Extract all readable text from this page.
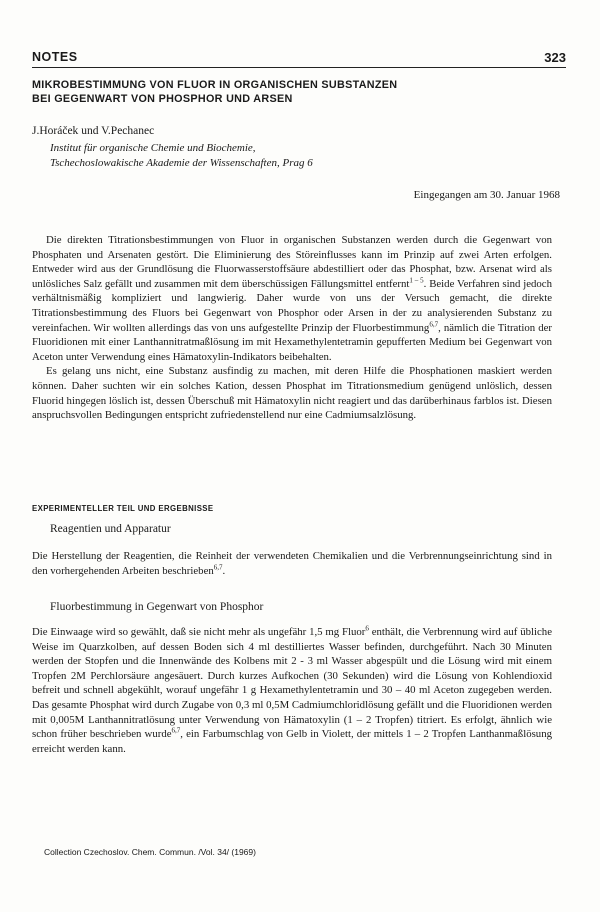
NOTES	323
MIKROBESTIMMUNG VON FLUOR IN ORGANISCHEN SUBSTANZEN
BEI GEGENWART VON PHOSPHOR UND ARSEN
J.Horáček und V.Pechanec
Institut für organische Chemie und Biochemie,
Tschechoslowakische Akademie der Wissenschaften, Prag 6
Eingegangen am 30. Januar 1968

Die direkten Titrationsbestimmungen von Fluor in organischen Substanzen werden durch die Gegenwart von Phosphaten und Arsenaten gestört. Die Eliminierung des Störeinflusses kann im Prinzip auf zwei Arten erfolgen. Entweder wird aus der Grundlösung die Fluorwasserstoffsäure abdestilliert oder das Phosphat, bzw. Arsenat wird als unlösliches Salz gefällt und zusammen mit dem überschüssigen Fällungsmittel entfernt$^{1 - 5}$. Beide Verfahren sind jedoch verhältnismäßig kompliziert und langwierig. Daher wurde von uns der Versuch gemacht, die direkte Titrationsbestimmung des Fluors bei Gegenwart von Phosphor oder Arsen in der zu analysierenden Substanz zu vereinfachen. Wir wollten allerdings das von uns aufgestellte Prinzip der Fluorbestimmung$^{6,7}$, nämlich die Titration der Fluoridionen mit einer Lanthannitratmaßlösung im mit Hexamethylentetramin gepufferten Medium bei Gegenwart von Aceton unter Verwendung eines Hämatoxylin-Indikators beibehalten.

Es gelang uns nicht, eine Substanz ausfindig zu machen, mit deren Hilfe die Phosphationen maskiert werden können. Daher suchten wir ein solches Kation, dessen Phosphat im Titrationsmedium genügend unlöslich, dessen Fluorid hingegen löslich ist, dessen Überschuß mit Hämatoxylin nicht reagiert und das darüberhinaus farblos ist. Diesen anspruchsvollen Bedingungen entspricht zufriedenstellend nur eine Cadmiumsalzlösung.

EXPERIMENTELLER TEIL UND ERGEBNISSE
Reagentien und Apparatur

Die Herstellung der Reagentien, die Reinheit der verwendeten Chemikalien und die Verbrennungseinrichtung sind in den vorhergehenden Arbeiten beschrieben$^{6,7}$.

Fluorbestimmung in Gegenwart von Phosphor

Die Einwaage wird so gewählt, daß sie nicht mehr als ungefähr 1,5 mg Fluor$^6$ enthält, die Verbrennung wird auf übliche Weise im Quarzkolben, auf dessen Boden sich 4 ml destilliertes Wasser befinden, durchgeführt. Nach 30 Minuten werden der Stopfen und die Innenwände des Kolbens mit 2 - 3 ml Wasser abgespült und die Lösung wird mit einem Tropfen 2M Perchlorsäure angesäuert. Durch kurzes Aufkochen (30 Sekunden) wird die Lösung von Kohlendioxid befreit und schnell abgekühlt, worauf ungefähr 1 g Hexamethylentetramin und 30 – 40 ml Aceton zugegeben werden. Das gesamte Phosphat wird durch Zugabe von 0,3 ml 0,5M Cadmiumchloridlösung gefällt und die Fluoridionen werden mit 0,005M Lanthannitratlösung unter Verwendung von Hämatoxylin (1 – 2 Tropfen) titriert. Es erfolgt, ähnlich wie schon früher beschrieben wurde$^{6,7}$, ein Farbumschlag von Gelb in Violett, der mittels 1 – 2 Tropfen Lanthanmaßlösung erreicht werden kann.

Collection Czechoslov. Chem. Commun. /Vol. 34/ (1969)
